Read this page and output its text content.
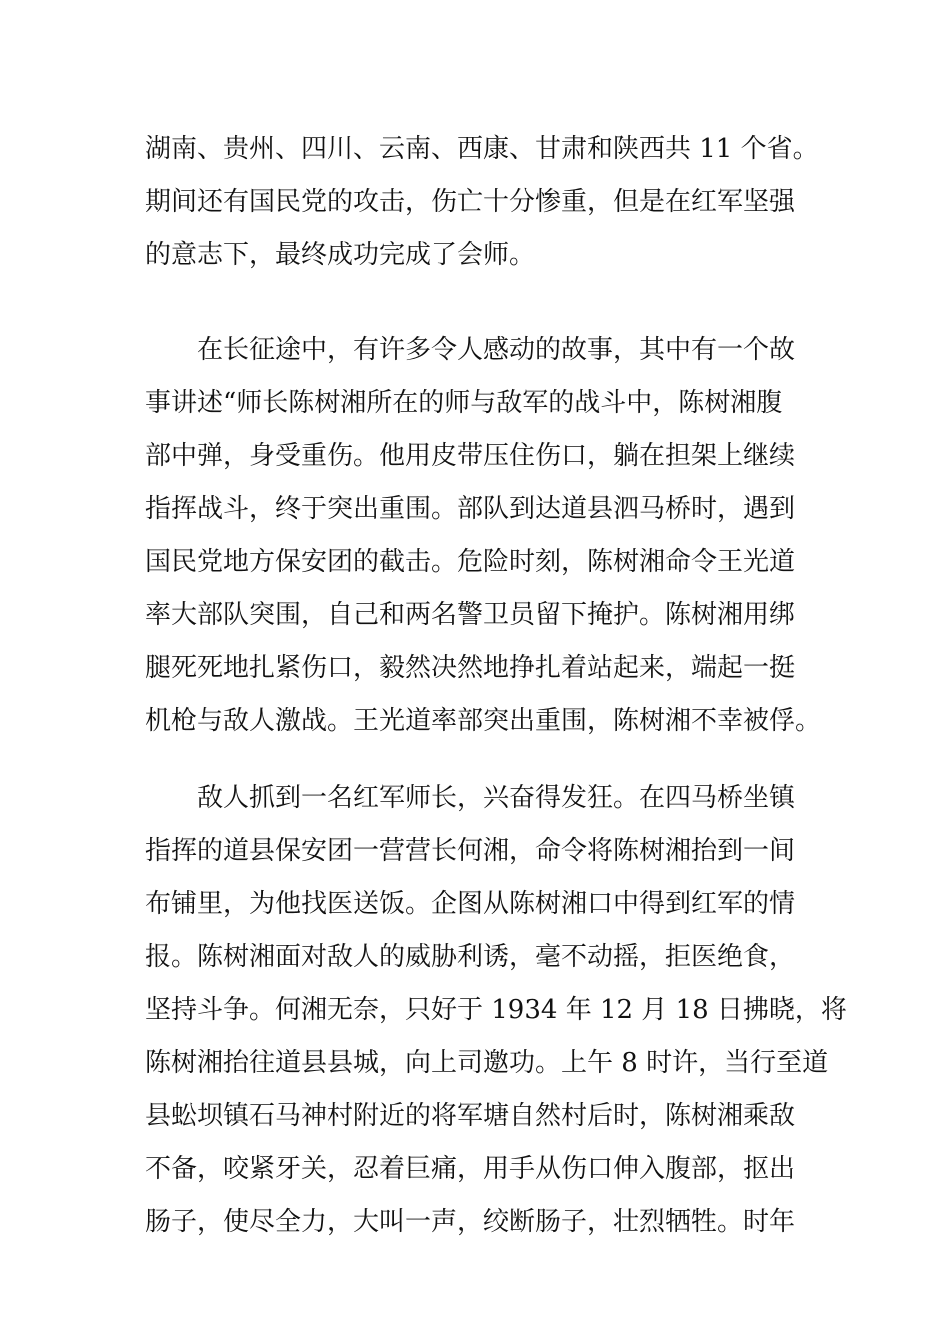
湖南、贵州、四川、云南、西康、甘肃和陕西共 11 个省。
期间还有国民党的攻击，伤亡十分惨重，但是在红军坚强
的意志下，最终成功完成了会师。
　　在长征途中，有许多令人感动的故事，其中有一个故
事讲述“师长陈树湘所在的师与敌军的战斗中，陈树湘腹
部中弹，身受重伤。他用皮带压住伤口，躺在担架上继续
指挥战斗，终于突出重围。部队到达道县泗马桥时，遇到
国民党地方保安团的截击。危险时刻，陈树湘命令王光道
率大部队突围，自己和两名警卫员留下掩护。陈树湘用绑
腿死死地扎紧伤口，毅然决然地挣扎着站起来，端起一挺
机枪与敌人激战。王光道率部突出重围，陈树湘不幸被俘。
　　敌人抓到一名红军师长，兴奋得发狂。在四马桥坐镇
指挥的道县保安团一营营长何湘，命令将陈树湘抬到一间
布铺里，为他找医送饭。企图从陈树湘口中得到红军的情
报。陈树湘面对敌人的威胁利诱，毫不动摇，拒医绝食，
坚持斗争。何湘无奈，只好于 1934 年 12 月 18 日拂晓，将
陈树湘抬往道县县城，向上司邀功。上午 8 时许，当行至道
县蚣坝镇石马神村附近的将军塘自然村后时，陈树湘乘敌
不备，咬紧牙关，忍着巨痛，用手从伤口伸入腹部，抠出
肠子，使尽全力，大叫一声，绞断肠子，壮烈牺牲。时年
